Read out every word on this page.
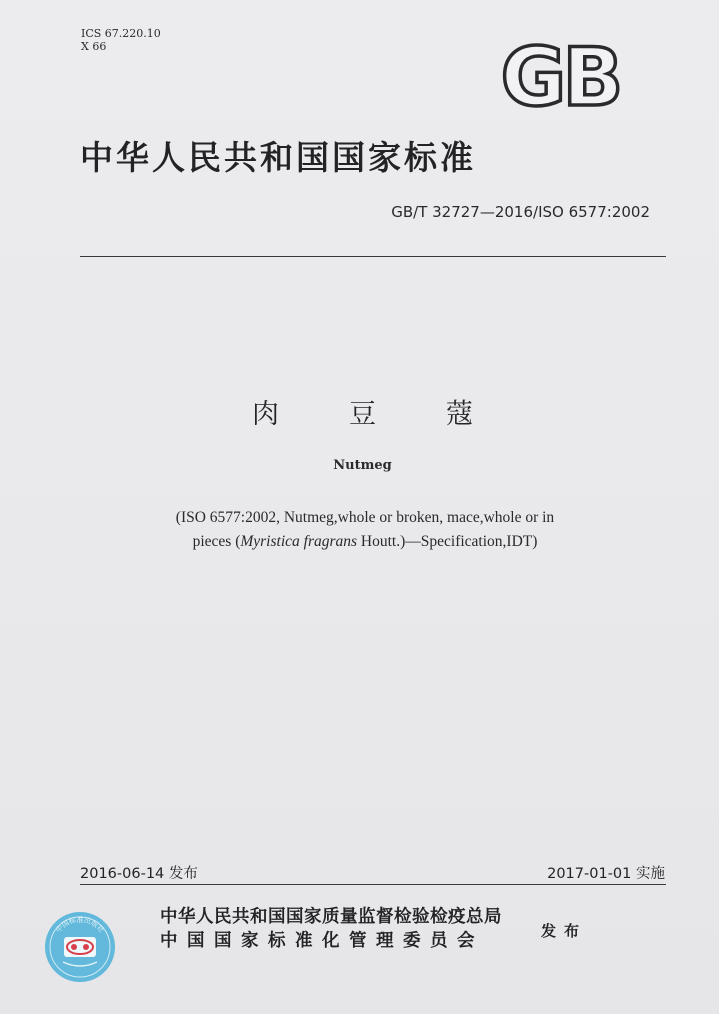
ICS 67.220.10
X 66	GB
中华人民共和国国家标准
GB/T 32727—2016/ISO 6577:2002
肉豆蔻
Nutmeg
(ISO 6577:2002, Nutmeg,whole or broken, mace,whole or in
pieces (Myristica fragrans Houtt.)—Specification,IDT)
2016-06-14 发布	2017-01-01 实施
中国标准出版社
中华人民共和国国家质量监督检验检疫总局
中国国家标准化管理委员会	发布
